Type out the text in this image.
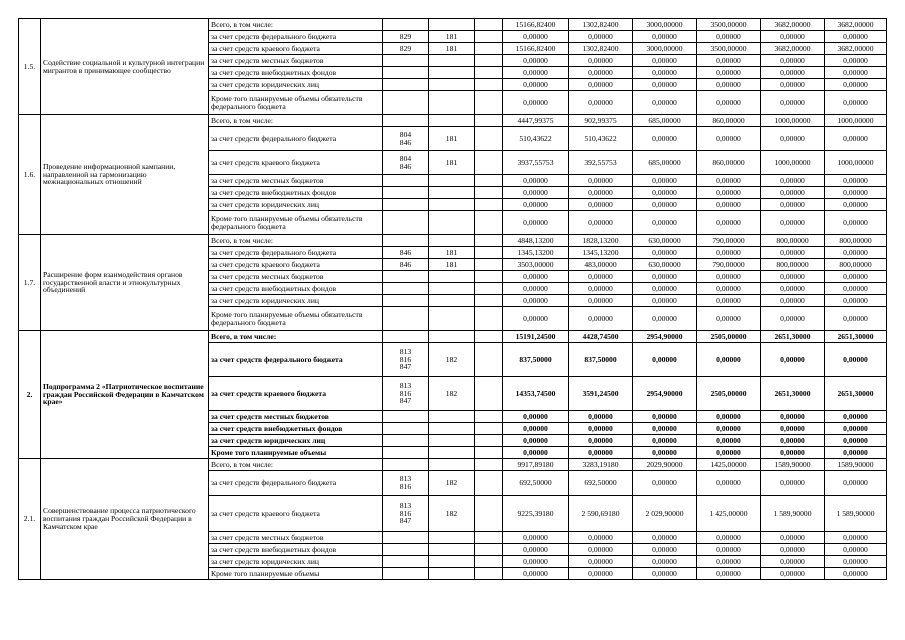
1.5.	Содействие социальной и культурной интеграции мигрантов в принимающее сообщество	Всего, в том числе:				15166,82400	1302,82400	3000,00000	3500,00000	3682,00000	3682,00000
		за счет средств федерального бюджета	829	181		0,00000	0,00000	0,00000	0,00000	0,00000	0,00000
		за счет средств краевого бюджета	829	181		15166,82400	1302,82400	3000,00000	3500,00000	3682,00000	3682,00000
		за счет средств местных бюджетов				0,00000	0,00000	0,00000	0,00000	0,00000	0,00000
		за счет средств внебюджетных фондов				0,00000	0,00000	0,00000	0,00000	0,00000	0,00000
		за счет средств юридических лиц				0,00000	0,00000	0,00000	0,00000	0,00000	0,00000
		Кроме того планируемые объемы обязательств федерального бюджета				0,00000	0,00000	0,00000	0,00000	0,00000	0,00000
1.6.	Проведение информационной кампании, направленной на гармонизацию межнациональных отношений	Всего, в том числе:				4447,99375	902,99375	685,00000	860,00000	1000,00000	1000,00000
		за счет средств федерального бюджета	804
846	181		510,43622	510,43622	0,00000	0,00000	0,00000	0,00000
		за счет средств краевого бюджета	804
846	181		3937,55753	392,55753	685,00000	860,00000	1000,00000	1000,00000
		за счет средств местных бюджетов				0,00000	0,00000	0,00000	0,00000	0,00000	0,00000
		за счет средств внебюджетных фондов				0,00000	0,00000	0,00000	0,00000	0,00000	0,00000
		за счет средств юридических лиц				0,00000	0,00000	0,00000	0,00000	0,00000	0,00000
		Кроме того планируемые объемы обязательств федерального бюджета				0,00000	0,00000	0,00000	0,00000	0,00000	0,00000
1.7.	Расширение форм взаимодействия органов государственной власти и этнокультурных объединений	Всего, в том числе:				4848,13200	1828,13200	630,00000	790,00000	800,00000	800,00000
		за счет средств федерального бюджета	846	181		1345,13200	1345,13200	0,00000	0,00000	0,00000	0,00000
		за счет средств краевого бюджета	846	181		3503,00000	483,00000	630,00000	790,00000	800,00000	800,00000
		за счет средств местных бюджетов				0,00000	0,00000	0,00000	0,00000	0,00000	0,00000
		за счет средств внебюджетных фондов				0,00000	0,00000	0,00000	0,00000	0,00000	0,00000
		за счет средств юридических лиц				0,00000	0,00000	0,00000	0,00000	0,00000	0,00000
		Кроме того планируемые объемы обязательств федерального бюджета				0,00000	0,00000	0,00000	0,00000	0,00000	0,00000
2.	Подпрограмма 2 «Патриотическое воспитание граждан Российской Федерации в Камчатском крае»	Всего, в том числе:				15191,24500	4428,74500	2954,90000	2505,00000	2651,30000	2651,30000
		за счет средств федерального бюджета	813
816
847	182		837,50000	837,50000	0,00000	0,00000	0,00000	0,00000
		за счет средств краевого бюджета	813
816
847	182		14353,74500	3591,24500	2954,90000	2505,00000	2651,30000	2651,30000
		за счет средств местных бюджетов				0,00000	0,00000	0,00000	0,00000	0,00000	0,00000
		за счет средств внебюджетных фондов				0,00000	0,00000	0,00000	0,00000	0,00000	0,00000
		за счет средств юридических лиц				0,00000	0,00000	0,00000	0,00000	0,00000	0,00000
		Кроме того планируемые объемы				0,00000	0,00000	0,00000	0,00000	0,00000	0,00000
2.1.	Совершенствование процесса патриотического воспитания граждан Российской Федерации в Камчатском крае	Всего, в том числе:				9917,89180	3283,19180	2029,90000	1425,00000	1589,90000	1589,90000
		за счет средств федерального бюджета	813
816	182		692,50000	692,50000	0,00000	0,00000	0,00000	0,00000
		за счет средств краевого бюджета	813
816
847	182		9225,39180	2 590,69180	2 029,90000	1 425,00000	1 589,90000	1 589,90000
		за счет средств местных бюджетов				0,00000	0,00000	0,00000	0,00000	0,00000	0,00000
		за счет средств внебюджетных фондов				0,00000	0,00000	0,00000	0,00000	0,00000	0,00000
		за счет средств юридических лиц				0,00000	0,00000	0,00000	0,00000	0,00000	0,00000
		Кроме того планируемые объемы				0,00000	0,00000	0,00000	0,00000	0,00000	0,00000
